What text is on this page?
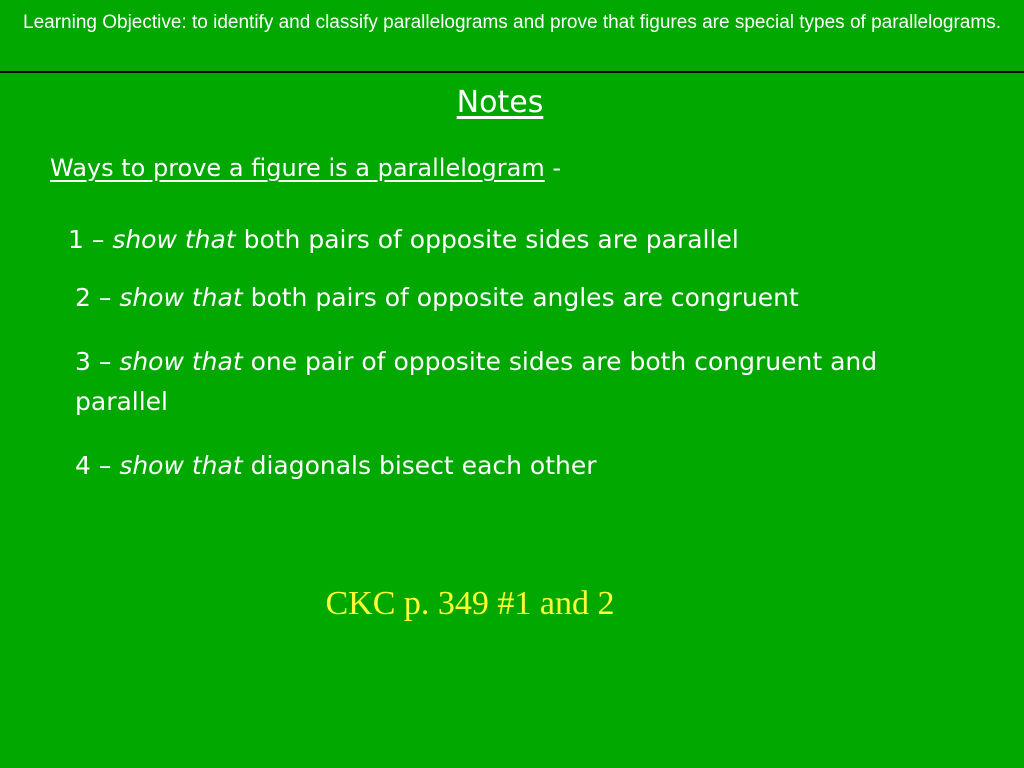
Learning Objective: to identify and classify parallelograms and prove that figures are special types of parallelograms.
Notes
Ways to prove a figure is a parallelogram -
1 – show that both pairs of opposite sides are parallel
2 – show that both pairs of opposite angles are congruent
3 – show that one pair of opposite sides are both congruent and parallel
4 – show that diagonals bisect each other
CKC p. 349 #1 and 2
